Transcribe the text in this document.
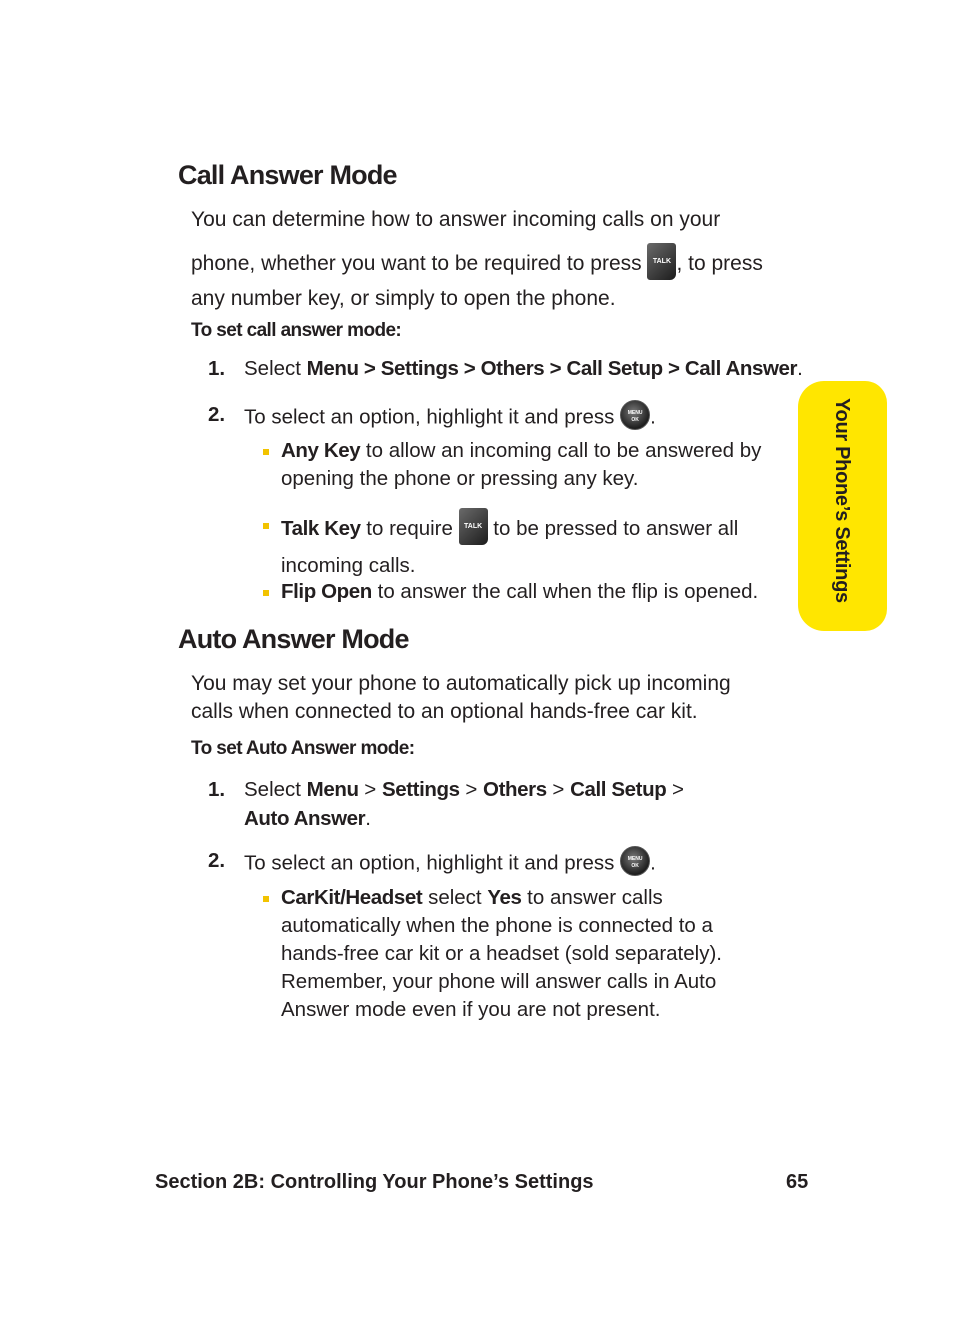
Call Answer Mode
You can determine how to answer incoming calls on your
phone, whether you want to be required to press TALK , to press
any number key, or simply to open the phone.
To set call answer mode:
1. Select Menu > Settings > Others > Call Setup > Call Answer.
2. To select an option, highlight it and press MENU
OK .
Any Key to allow an incoming call to be answered by
opening the phone or pressing any key.
Talk Key to require TALK to be pressed to answer all
incoming calls.
Flip Open to answer the call when the flip is opened.
Auto Answer Mode
You may set your phone to automatically pick up incoming
calls when connected to an optional hands-free car kit.
To set Auto Answer mode:
1. Select Menu > Settings > Others > Call Setup >
Auto Answer.
2. To select an option, highlight it and press MENU
OK .
CarKit/Headset select Yes to answer calls
automatically when the phone is connected to a
hands-free car kit or a headset (sold separately).
Remember, your phone will answer calls in Auto
Answer mode even if you are not present.
Your Phone’s Settings
Section 2B: Controlling Your Phone’s Settings	65
